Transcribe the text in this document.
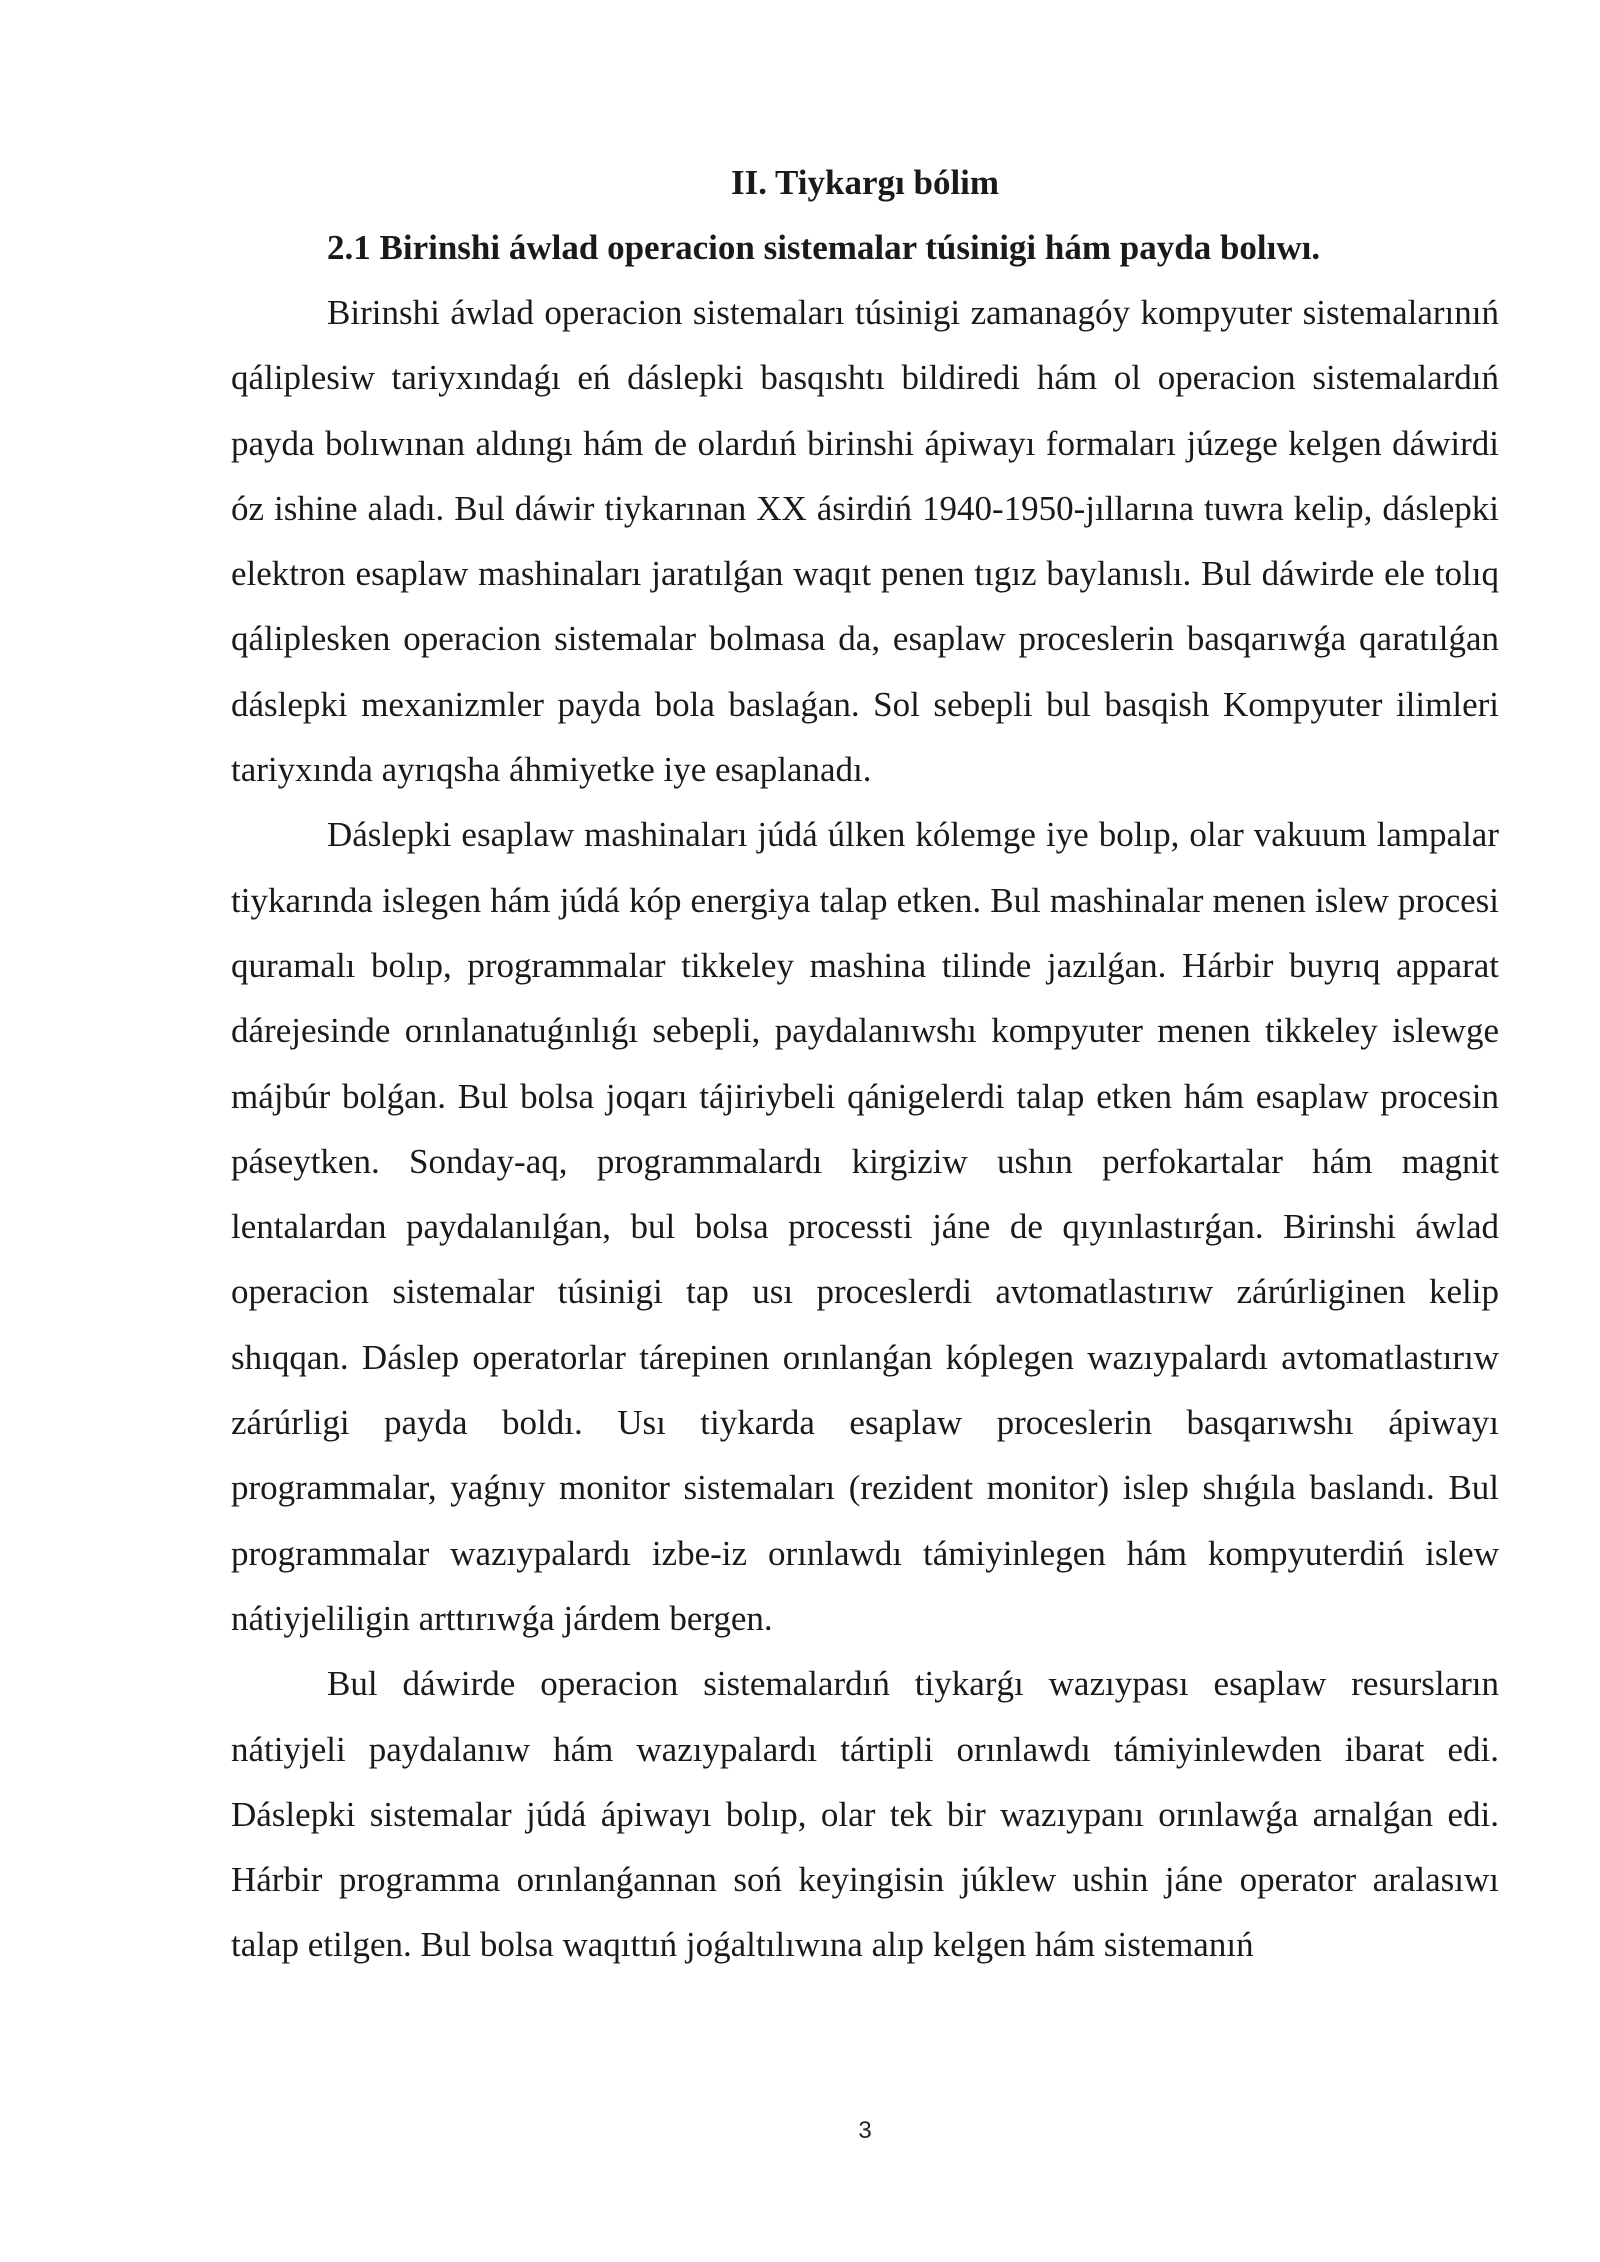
II. Tiykargı bólim
2.1 Birinshi áwlad operacion sistemalar túsinigi hám payda bolıwı.

Birinshi áwlad operacion sistemaları túsinigi zamanagóy kompyuter sistemalarınıń qáliplesiw tariyxındaǵı eń dáslepki basqıshtı bildiredi hám ol operacion sistemalardıń payda bolıwınan aldıngı hám de olardıń birinshi ápiwayı formaları júzege kelgen dáwirdi óz ishine aladı. Bul dáwir tiykarınan XX ásirdiń 1940-1950-jıllarına tuwra kelip, dáslepki elektron esaplaw mashinaları jaratılǵan waqıt penen tıgız baylanıslı. Bul dáwirde ele tolıq qáliplesken operacion sistemalar bolmasa da, esaplaw proceslerin basqarıwǵa qaratılǵan dáslepki mexanizmler payda bola baslaǵan. Sol sebepli bul basqish Kompyuter ilimleri tariyxında ayrıqsha áhmiyetke iye esaplanadı.

Dáslepki esaplaw mashinaları júdá úlken kólemge iye bolıp, olar vakuum lampalar tiykarında islegen hám júdá kóp energiya talap etken. Bul mashinalar menen islew procesi quramalı bolıp, programmalar tikkeley mashina tilinde jazılǵan. Hárbir buyrıq apparat dárejesinde orınlanatuǵınlıǵı sebepli, paydalanıwshı kompyuter menen tikkeley islewge májbúr bolǵan. Bul bolsa joqarı tájiriybeli qánigelerdi talap etken hám esaplaw procesin páseytken. Sonday-aq, programmalardı kirgiziw ushın perfokartalar hám magnit lentalardan paydalanılǵan, bul bolsa processti jáne de qıyınlastırǵan. Birinshi áwlad operacion sistemalar túsinigi tap usı proceslerdi avtomatlastırıw zárúrliginen kelip shıqqan. Dáslep operatorlar tárepinen orınlanǵan kóplegen wazıypalardı avtomatlastırıw zárúrligi payda boldı. Usı tiykarda esaplaw proceslerin basqarıwshı ápiwayı programmalar, yaǵnıy monitor sistemaları (rezident monitor) islep shıǵıla baslandı. Bul programmalar wazıypalardı izbe-iz orınlawdı támiyinlegen hám kompyuterdiń islew nátiyjeliligin arttırıwǵa járdem bergen.

Bul dáwirde operacion sistemalardıń tiykarǵı wazıypası esaplaw resursların nátiyjeli paydalanıw hám wazıypalardı tártipli orınlawdı támiyinlewden ibarat edi. Dáslepki sistemalar júdá ápiwayı bolıp, olar tek bir wazıypanı orınlawǵa arnalǵan edi. Hárbir programma orınlanǵannan soń keyingisin júklew ushin jáne operator aralasıwı talap etilgen. Bul bolsa waqıttıń joǵaltılıwına alıp kelgen hám sistemanıń

3
